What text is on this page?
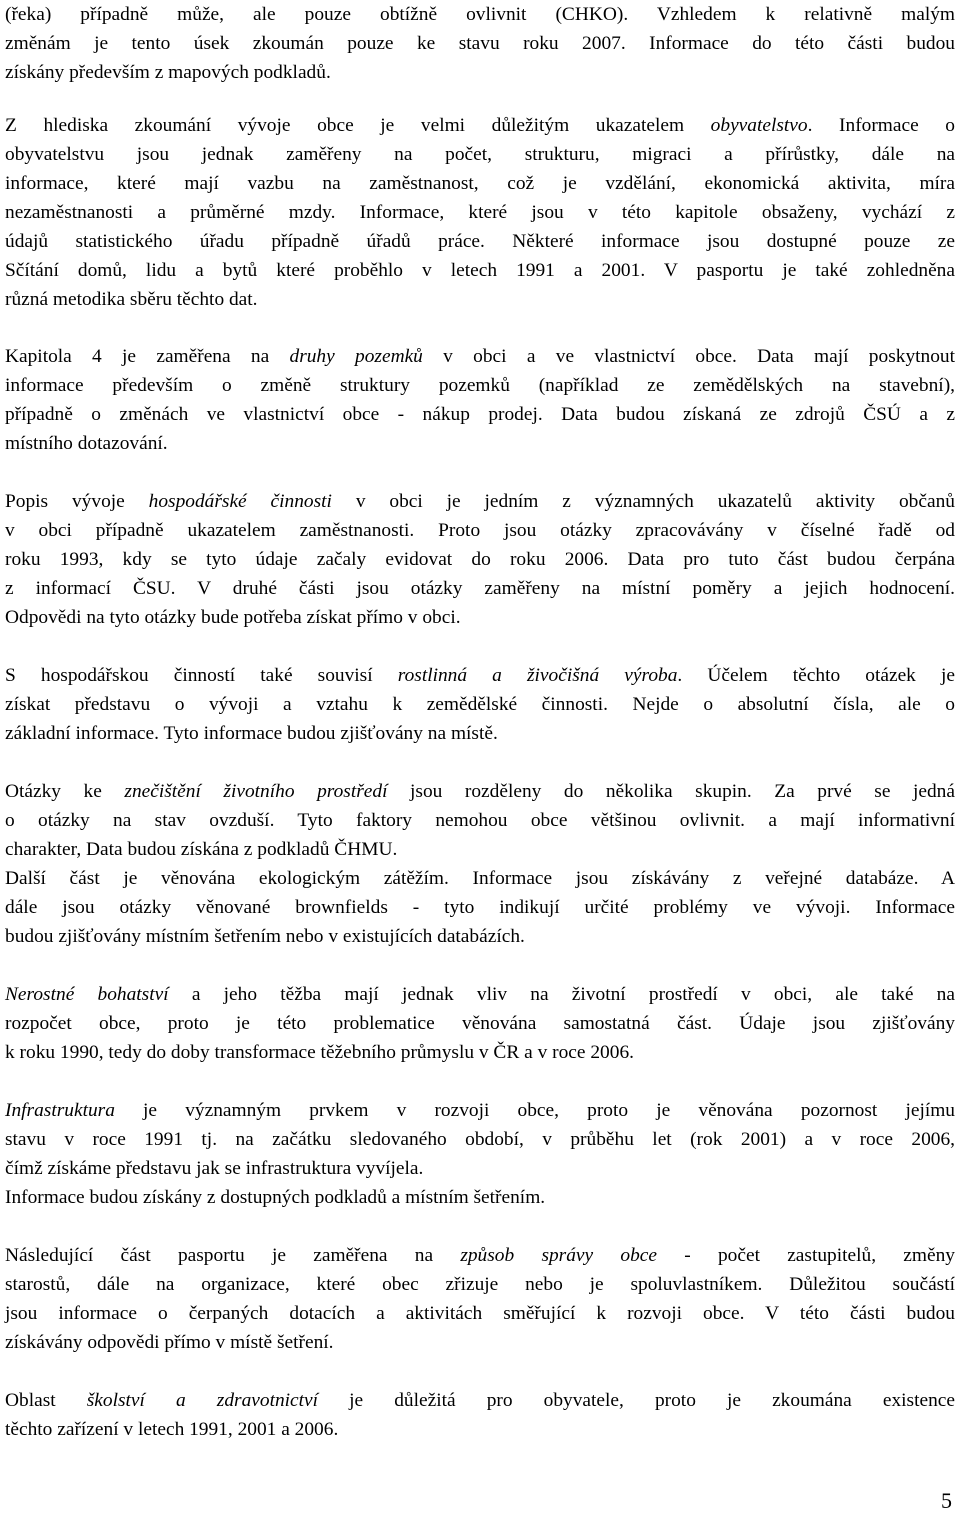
(řeka) případně může, ale pouze obtížně ovlivnit (CHKO). Vzhledem k relativně malým
změnám je tento úsek zkoumán pouze ke stavu roku 2007. Informace do této části budou
získány především z mapových podkladů.
Z hlediska zkoumání vývoje obce je velmi důležitým ukazatelem obyvatelstvo. Informace o
obyvatelstvu jsou jednak zaměřeny na počet, strukturu, migraci a přírůstky, dále na
informace, které mají vazbu na zaměstnanost, což je vzdělání, ekonomická aktivita, míra
nezaměstnanosti a průměrné mzdy. Informace, které jsou v této kapitole obsaženy, vychází z
údajů statistického úřadu případně úřadů práce. Některé informace jsou dostupné pouze ze
Sčítání domů, lidu a bytů které proběhlo v letech 1991 a 2001. V pasportu je také zohledněna
různá metodika sběru těchto dat.
Kapitola 4 je zaměřena na druhy pozemků v obci a ve vlastnictví obce. Data mají poskytnout
informace především o změně struktury pozemků (například ze zemědělských na stavební),
případně o změnách ve vlastnictví obce - nákup prodej. Data budou získaná ze zdrojů ČSÚ a z
místního dotazování.
Popis vývoje hospodářské činnosti v obci je jedním z významných ukazatelů aktivity občanů
v obci případně ukazatelem zaměstnanosti. Proto jsou otázky zpracovávány v číselné řadě od
roku 1993, kdy se tyto údaje začaly evidovat do roku 2006. Data pro tuto část budou čerpána
z informací ČSU. V druhé části jsou otázky zaměřeny na místní poměry a jejich hodnocení.
Odpovědi na tyto otázky bude potřeba získat přímo v obci.
S hospodářskou činností také souvisí rostlinná a živočišná výroba. Účelem těchto otázek je
získat představu o vývoji a vztahu k zemědělské činnosti. Nejde o absolutní čísla, ale o
základní informace. Tyto informace budou zjišťovány na místě.
Otázky ke znečištění životního prostředí jsou rozděleny do několika skupin. Za prvé se jedná
o otázky na stav ovzduší. Tyto faktory nemohou obce většinou ovlivnit. a mají informativní
charakter, Data budou získána z podkladů ČHMU.
Další část je věnována ekologickým zátěžím. Informace jsou získávány z veřejné databáze. A
dále jsou otázky věnované brownfields - tyto indikují určité problémy ve vývoji. Informace
budou zjišťovány místním šetřením nebo v existujících databázích.
Nerostné bohatství a jeho těžba mají jednak vliv na životní prostředí v obci, ale také na
rozpočet obce, proto je této problematice věnována samostatná část. Údaje jsou zjišťovány
k roku 1990, tedy do doby transformace těžebního průmyslu v ČR a v roce 2006.
Infrastruktura je významným prvkem v rozvoji obce, proto je věnována pozornost jejímu
stavu v roce 1991 tj. na začátku sledovaného období, v průběhu let (rok 2001) a v roce 2006,
čímž získáme představu jak se infrastruktura vyvíjela.
Informace budou získány z dostupných podkladů a místním šetřením.
Následující část pasportu je zaměřena na způsob správy obce - počet zastupitelů, změny
starostů, dále na organizace, které obec zřizuje nebo je spoluvlastníkem. Důležitou součástí
jsou informace o čerpaných dotacích a aktivitách směřující k rozvoji obce. V této části budou
získávány odpovědi přímo v místě šetření.
Oblast školství a zdravotnictví je důležitá pro obyvatele, proto je zkoumána existence
těchto zařízení v letech 1991, 2001 a 2006.
5
